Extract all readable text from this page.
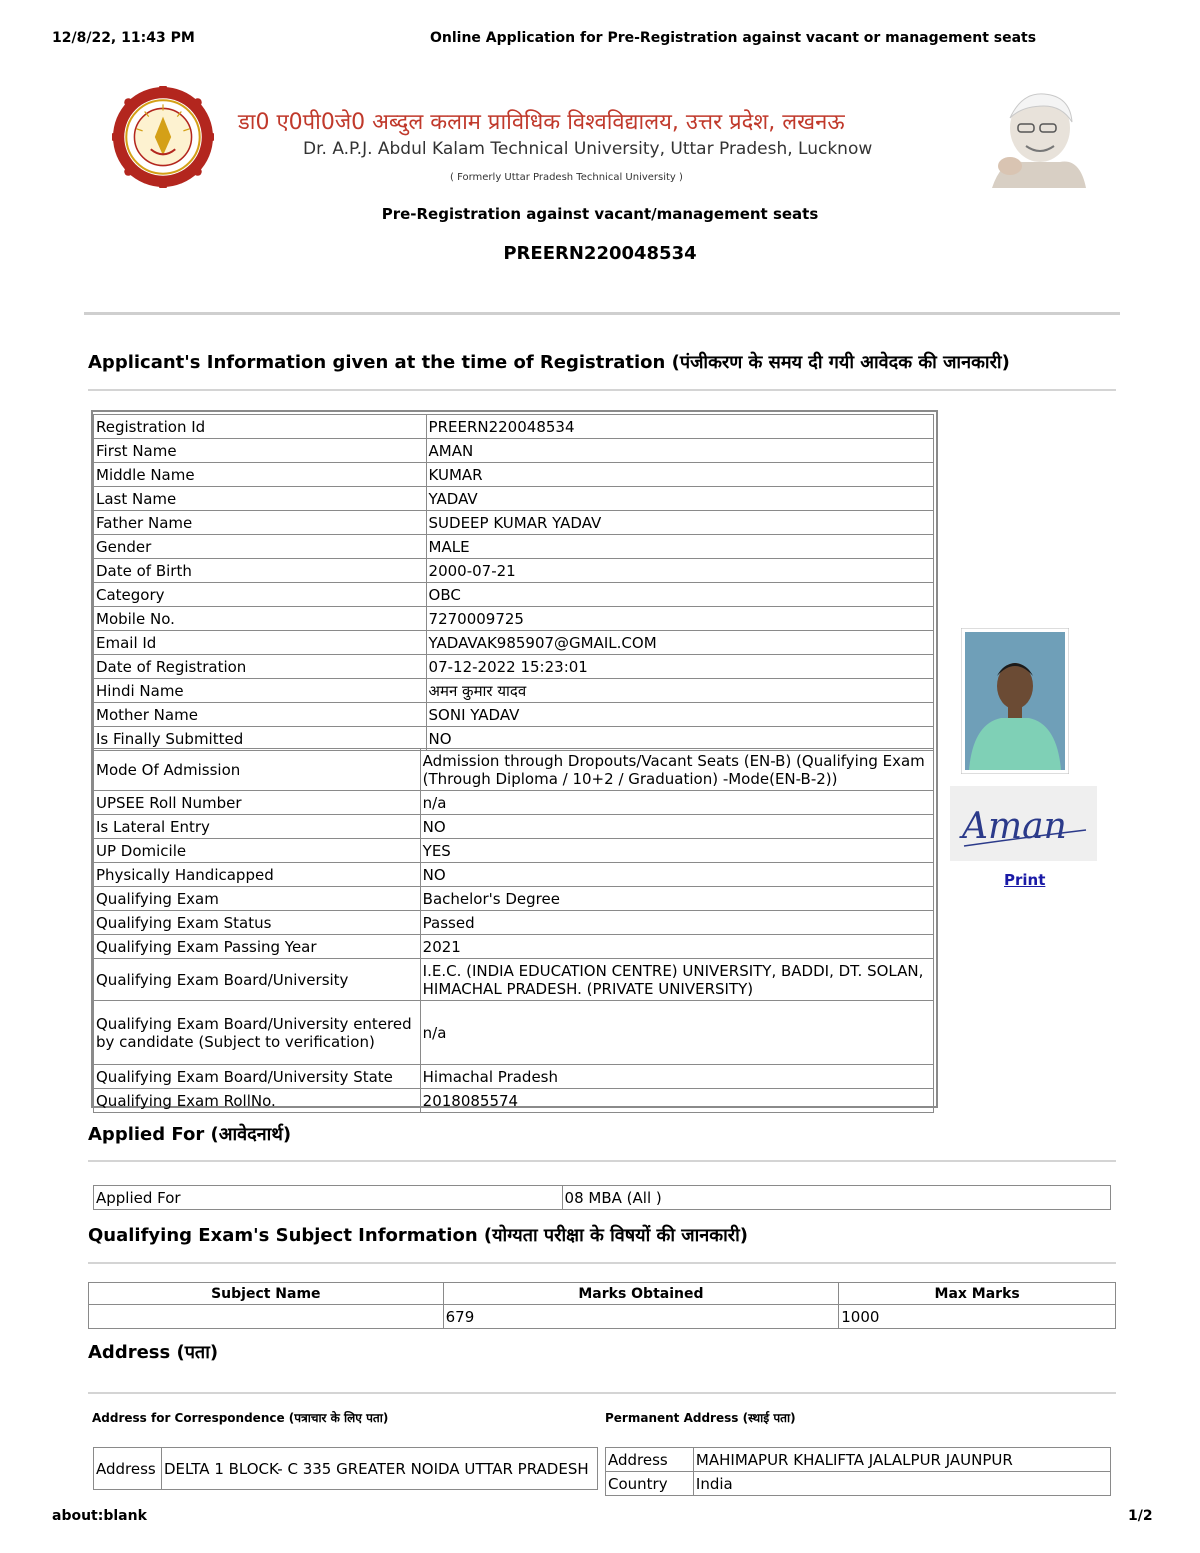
12/8/22, 11:43 PM	Online Application for Pre-Registration against vacant or management seats
डा0 ए0पी0जे0 अब्दुल कलाम प्राविधिक विश्वविद्यालय, उत्तर प्रदेश, लखनऊ
Dr. A.P.J. Abdul Kalam Technical University, Uttar Pradesh, Lucknow
( Formerly Uttar Pradesh Technical University )
Pre-Registration against vacant/management seats
PREERN220048534
Applicant's Information given at the time of Registration (पंजीकरण के समय दी गयी आवेदक की जानकारी)
Registration Id	PREERN220048534
First Name	AMAN
Middle Name	KUMAR
Last Name	YADAV
Father Name	SUDEEP KUMAR YADAV
Gender	MALE
Date of Birth	2000-07-21
Category	OBC
Mobile No.	7270009725
Email Id	YADAVAK985907@GMAIL.COM
Date of Registration	07-12-2022 15:23:01
Hindi Name	अमन कुमार यादव
Mother Name	SONI YADAV
Is Finally Submitted	NO
Mode Of Admission	Admission through Dropouts/Vacant Seats (EN-B) (Qualifying Exam (Through Diploma / 10+2 / Graduation) -Mode(EN-B-2))
UPSEE Roll Number	n/a
Is Lateral Entry	NO
UP Domicile	YES
Physically Handicapped	NO
Qualifying Exam	Bachelor's Degree
Qualifying Exam Status	Passed
Qualifying Exam Passing Year	2021
Qualifying Exam Board/University	I.E.C. (INDIA EDUCATION CENTRE) UNIVERSITY, BADDI, DT. SOLAN, HIMACHAL PRADESH. (PRIVATE UNIVERSITY)
Qualifying Exam Board/University entered by candidate (Subject to verification)	n/a
Qualifying Exam Board/University State	Himachal Pradesh
Qualifying Exam RollNo.	2018085574
Aman
Print
Applied For (आवेदनार्थ)
Applied For	08 MBA (All )
Qualifying Exam's Subject Information (योग्यता परीक्षा के विषयों की जानकारी)
Subject Name	Marks Obtained	Max Marks
	679	1000
Address (पता)
Address for Correspondence (पत्राचार के लिए पता)	Permanent Address (स्थाई पता)
Address	DELTA 1 BLOCK- C 335 GREATER NOIDA UTTAR PRADESH Address	MAHIMAPUR KHALIFTA JALALPUR JAUNPUR
Country	India
about:blank	1/2
